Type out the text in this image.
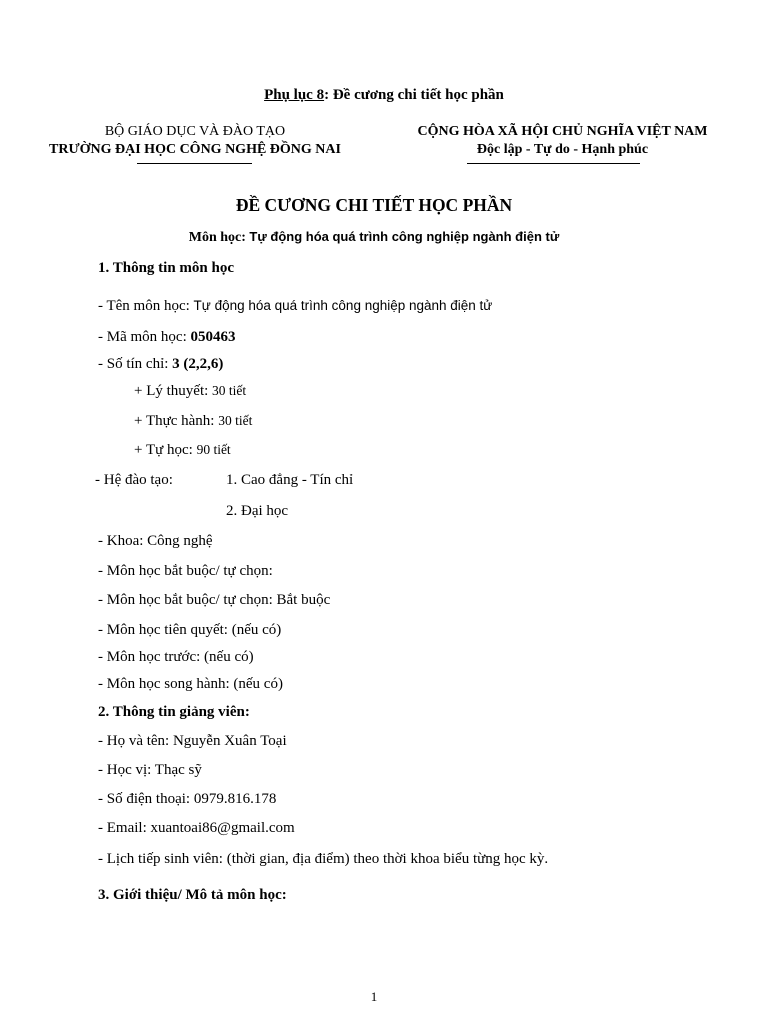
Phụ lục 8: Đề cương chi tiết học phần
BỘ GIÁO DỤC VÀ ĐÀO TẠO
TRƯỜNG ĐẠI HỌC CÔNG NGHỆ ĐỒNG NAI
CỘNG HÒA XÃ HỘI CHỦ NGHĨA VIỆT NAM
Độc lập - Tự do - Hạnh phúc
ĐỀ CƯƠNG CHI TIẾT HỌC PHẦN
Môn học: Tự động hóa quá trình công nghiệp ngành điện tử
1. Thông tin môn học
- Tên môn học: Tự động hóa quá trình công nghiệp ngành điện tử
- Mã môn học: 050463
- Số tín chỉ: 3 (2,2,6)
+ Lý thuyết: 30 tiết
+ Thực hành: 30 tiết
+ Tự học: 90 tiết
- Hệ đào tạo:	1. Cao đẳng - Tín chỉ
2. Đại học
- Khoa: Công nghệ
- Môn học bắt buộc/ tự chọn:
- Môn học bắt buộc/ tự chọn: Bắt buộc
- Môn học tiên quyết: (nếu có)
- Môn học trước: (nếu có)
- Môn học song hành: (nếu có)
2. Thông tin giảng viên:
- Họ và tên: Nguyễn Xuân Toại
- Học vị: Thạc sỹ
- Số điện thoại: 0979.816.178
- Email: xuantoai86@gmail.com
- Lịch tiếp sinh viên: (thời gian, địa điểm) theo thời khoa biểu từng học kỳ.
3. Giới thiệu/ Mô tả môn học:
1
